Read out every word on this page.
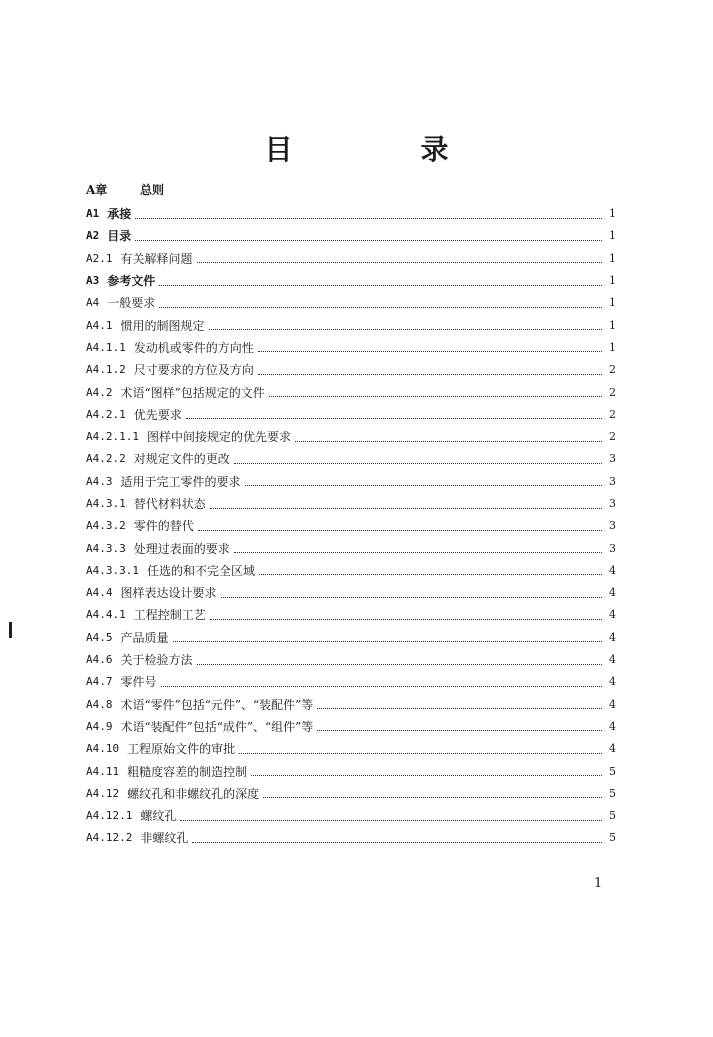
目　录
A章	总则
A1 承接	1
A2 目录	1
A2.1 有关解释问题	1
A3 参考文件	1
A4 一般要求	1
A4.1 惯用的制图规定	1
A4.1.1 发动机或零件的方向性	1
A4.1.2 尺寸要求的方位及方向	2
A4.2 术语“图样”包括规定的文件	2
A4.2.1 优先要求	2
A4.2.1.1 图样中间接规定的优先要求	2
A4.2.2 对规定文件的更改	3
A4.3 适用于完工零件的要求	3
A4.3.1 替代材料状态	3
A4.3.2 零件的替代	3
A4.3.3 处理过表面的要求	3
A4.3.3.1 任选的和不完全区域	4
A4.4 图样表达设计要求	4
A4.4.1 工程控制工艺	4
A4.5 产品质量	4
A4.6 关于检验方法	4
A4.7 零件号	4
A4.8 术语“零件”包括“元件”、“装配件”等	4
A4.9 术语“装配件”包括“成件”、“组件”等	4
A4.10 工程原始文件的审批	4
A4.11 粗糙度容差的制造控制	5
A4.12 螺纹孔和非螺纹孔的深度	5
A4.12.1 螺纹孔	5
A4.12.2 非螺纹孔	5
1
